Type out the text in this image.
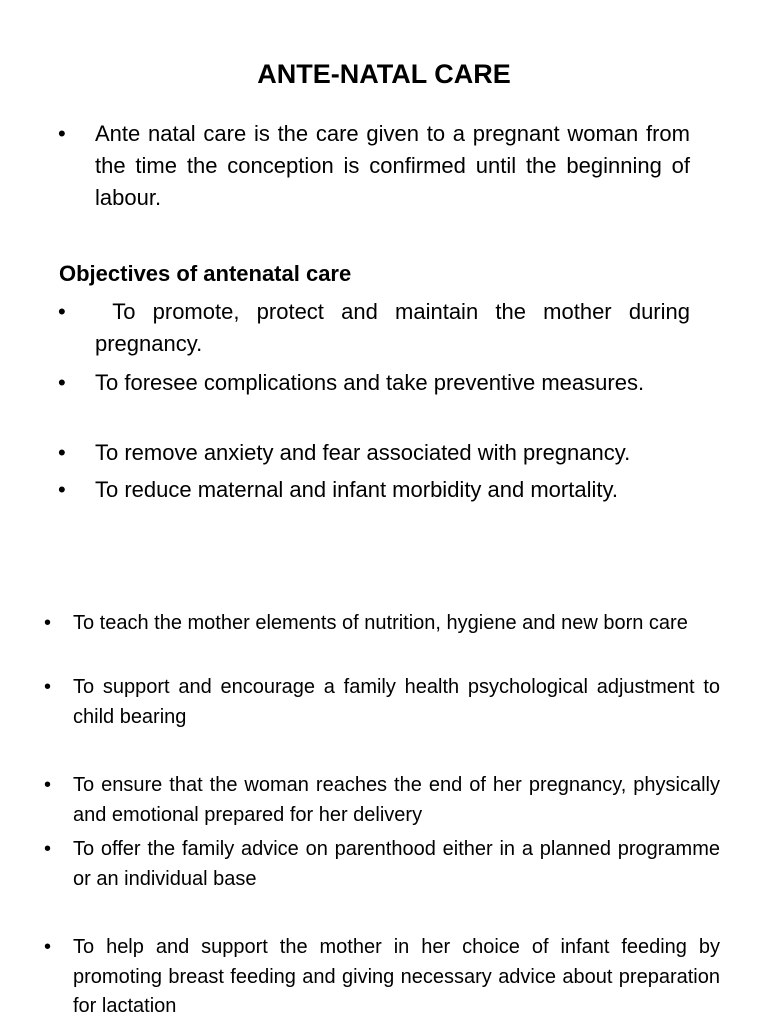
ANTE-NATAL CARE
• Ante natal care is the care given to a pregnant woman from the time the conception is confirmed until the beginning of labour.
Objectives of antenatal care
• To promote, protect and maintain the mother during pregnancy.
• To foresee complications and take preventive measures.
• To remove anxiety and fear associated with pregnancy.
• To reduce maternal and infant morbidity and mortality.
• To teach the mother elements of nutrition, hygiene and new born care
• To support and encourage a family health psychological adjustment to child bearing
• To ensure that the woman reaches the end of her pregnancy, physically and emotional prepared for her delivery
• To offer the family advice on parenthood either in a planned programme or an individual base
• To help and support the mother in her choice of infant feeding by promoting breast feeding and giving necessary advice about preparation for lactation
